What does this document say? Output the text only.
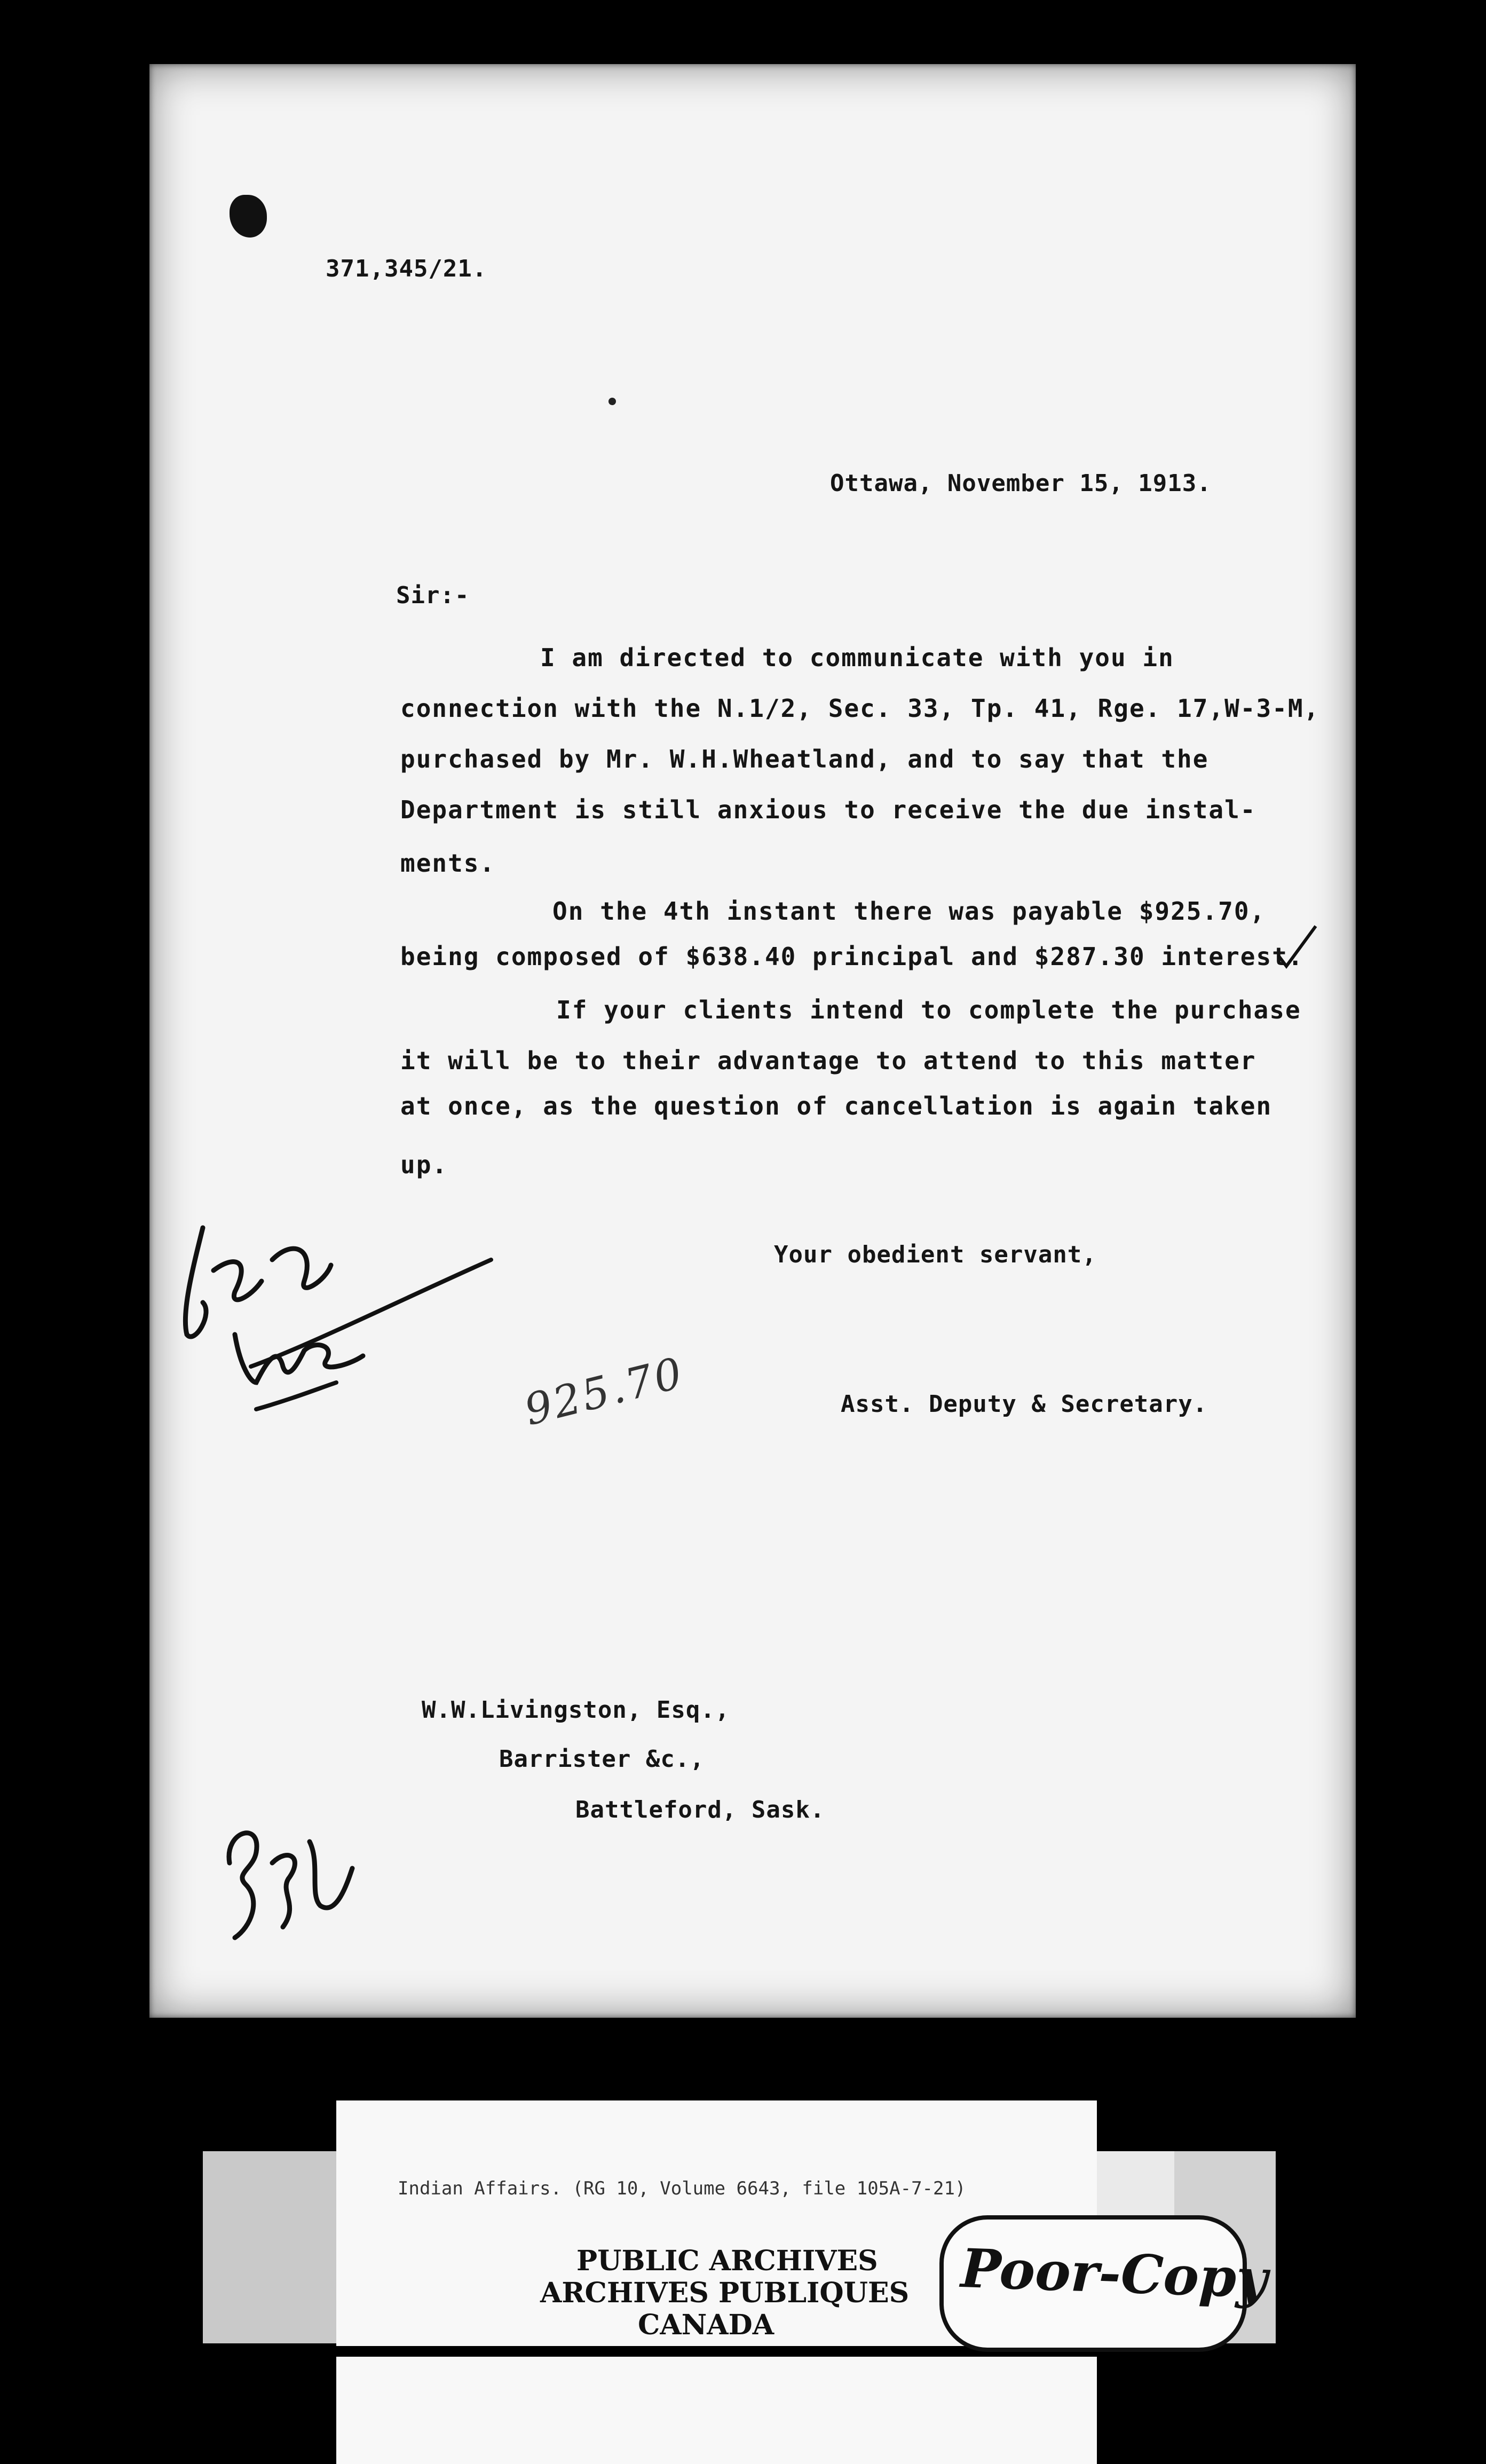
371,345/21.
Ottawa, November 15, 1913.
Sir:-
I am directed to communicate with you in
connection with the N.1/2, Sec. 33, Tp. 41, Rge. 17,W-3-M,
purchased by Mr. W.H.Wheatland, and to say that the
Department is still anxious to receive the due instal-
ments.
On the 4th instant there was payable $925.70,
being composed of $638.40 principal and $287.30 interest.
If your clients intend to complete the purchase
it will be to their advantage to attend to this matter
at once, as the question of cancellation is again taken
up.
Your obedient servant,
Asst. Deputy & Secretary.
925.70
W.W.Livingston, Esq.,
Barrister &c.,
Battleford, Sask.
Indian Affairs. (RG 10, Volume 6643, file 105A-7-21)
PUBLIC ARCHIVES
ARCHIVES PUBLIQUES
CANADA
Poor-Copy
